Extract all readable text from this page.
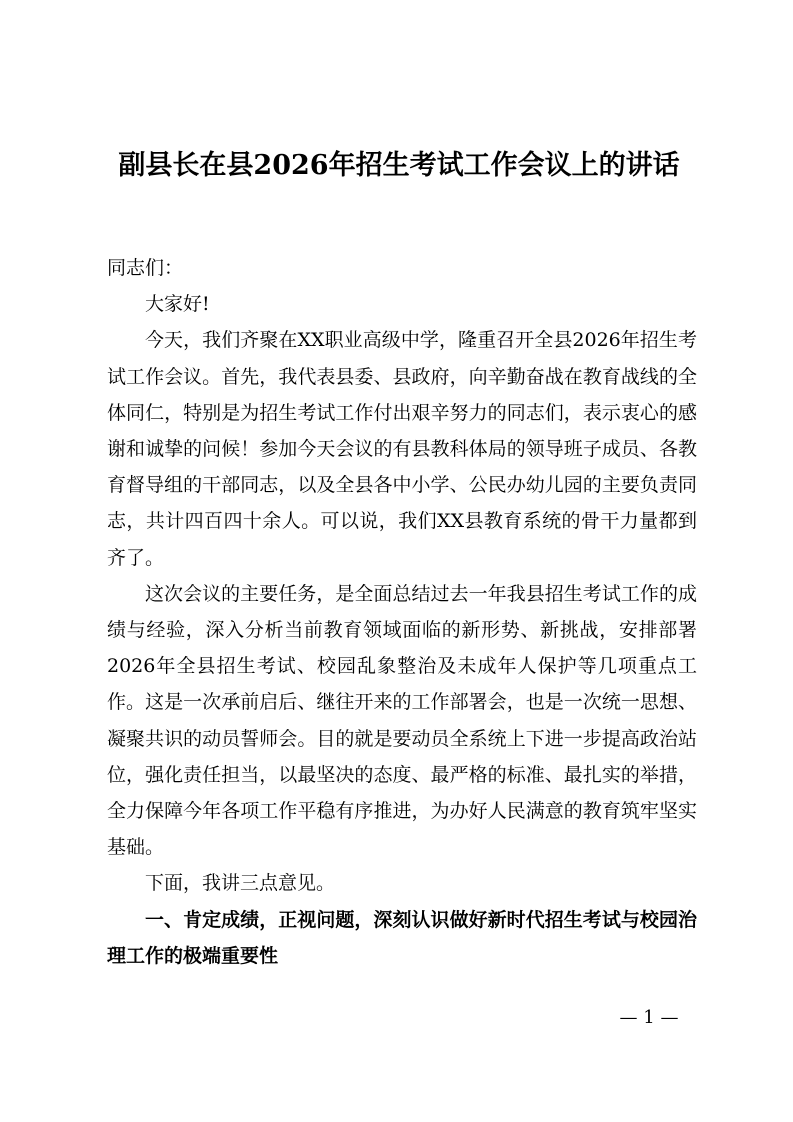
副县长在县2026年招生考试工作会议上的讲话

同志们：

大家好!

今天，我们齐聚在XX职业高级中学，隆重召开全县2026年招生考试工作会议。首先，我代表县委、县政府，向辛勤奋战在教育战线的全体同仁，特别是为招生考试工作付出艰辛努力的同志们，表示衷心的感谢和诚挚的问候！参加今天会议的有县教科体局的领导班子成员、各教育督导组的干部同志，以及全县各中小学、公民办幼儿园的主要负责同志，共计四百四十余人。可以说，我们XX县教育系统的骨干力量都到齐了。

这次会议的主要任务，是全面总结过去一年我县招生考试工作的成绩与经验，深入分析当前教育领域面临的新形势、新挑战，安排部署2026年全县招生考试、校园乱象整治及未成年人保护等几项重点工作。这是一次承前启后、继往开来的工作部署会，也是一次统一思想、凝聚共识的动员誓师会。目的就是要动员全系统上下进一步提高政治站位，强化责任担当，以最坚决的态度、最严格的标准、最扎实的举措，全力保障今年各项工作平稳有序推进，为办好人民满意的教育筑牢坚实基础。

下面，我讲三点意见。

一、肯定成绩，正视问题，深刻认识做好新时代招生考试与校园治理工作的极端重要性

— 1 —
